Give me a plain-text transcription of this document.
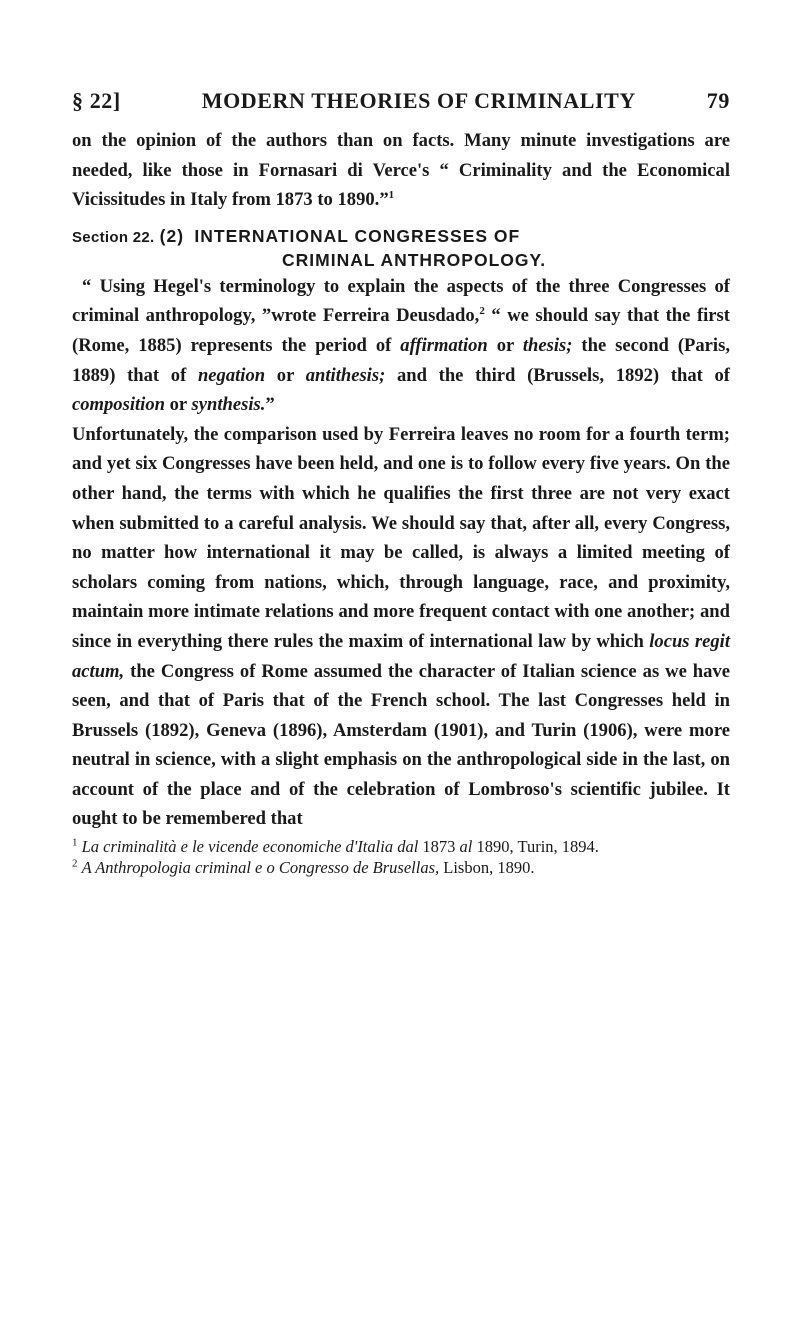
§ 22]	MODERN THEORIES OF CRIMINALITY	79

on the opinion of the authors than on facts. Many minute investigations are needed, like those in Fornasari di Verce's “ Criminality and the Economical Vicissitudes in Italy from 1873 to 1890.”$^1$

Section 22. (2) INTERNATIONAL CONGRESSES OF
CRIMINAL ANTHROPOLOGY.

“ Using Hegel's terminology to explain the aspects of the three Congresses of criminal anthropology, ”wrote Ferreira Deusdado,$^2$ “ we should say that the first (Rome, 1885) represents the period of affirmation or thesis; the second (Paris, 1889) that of negation or antithesis; and the third (Brussels, 1892) that of composition or synthesis.”

Unfortunately, the comparison used by Ferreira leaves no room for a fourth term; and yet six Congresses have been held, and one is to follow every five years. On the other hand, the terms with which he qualifies the first three are not very exact when submitted to a careful analysis. We should say that, after all, every Congress, no matter how international it may be called, is always a limited meeting of scholars coming from nations, which, through language, race, and proximity, maintain more intimate relations and more frequent contact with one another; and since in everything there rules the maxim of international law by which locus regit actum, the Congress of Rome assumed the character of Italian science as we have seen, and that of Paris that of the French school. The last Congresses held in Brussels (1892), Geneva (1896), Amsterdam (1901), and Turin (1906), were more neutral in science, with a slight emphasis on the anthropological side in the last, on account of the place and of the celebration of Lombroso's scientific jubilee. It ought to be remembered that

$^1$ La criminalità e le vicende economiche d'Italia dal 1873 al 1890, Turin, 1894.

$^2$ A Anthropologia criminal e o Congresso de Brusellas, Lisbon, 1890.
